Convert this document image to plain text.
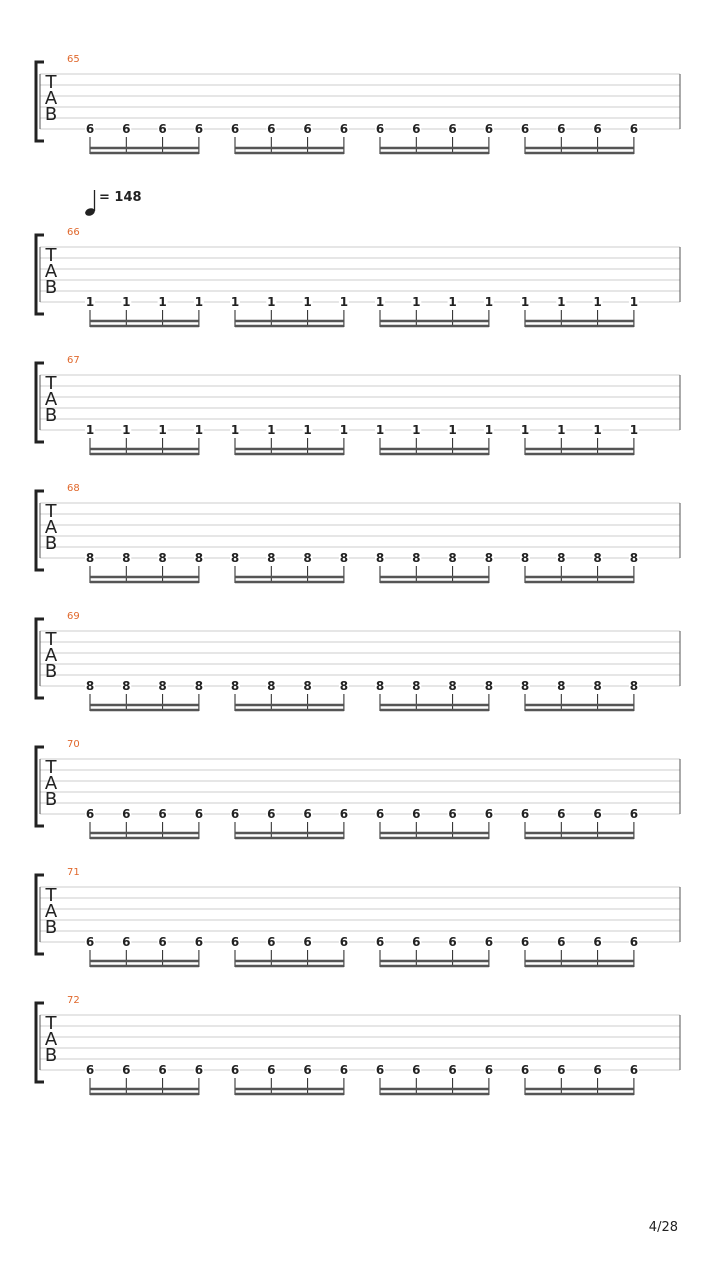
65
T
A
B
6 6 6 6 6 6 6 6 6 6 6 6 6 6 6 6
66
T
A
B
1 1 1 1 1 1 1 1 1 1 1 1 1 1 1 1
67
T
A
B
1 1 1 1 1 1 1 1 1 1 1 1 1 1 1 1
68
T
A
B
8 8 8 8 8 8 8 8 8 8 8 8 8 8 8 8
69
T
A
B
8 8 8 8 8 8 8 8 8 8 8 8 8 8 8 8
70
T
A
B
6 6 6 6 6 6 6 6 6 6 6 6 6 6 6 6
71
T
A
B
6 6 6 6 6 6 6 6 6 6 6 6 6 6 6 6
72
T
A
B
6 6 6 6 6 6 6 6 6 6 6 6 6 6 6 6
= 148
4/28
